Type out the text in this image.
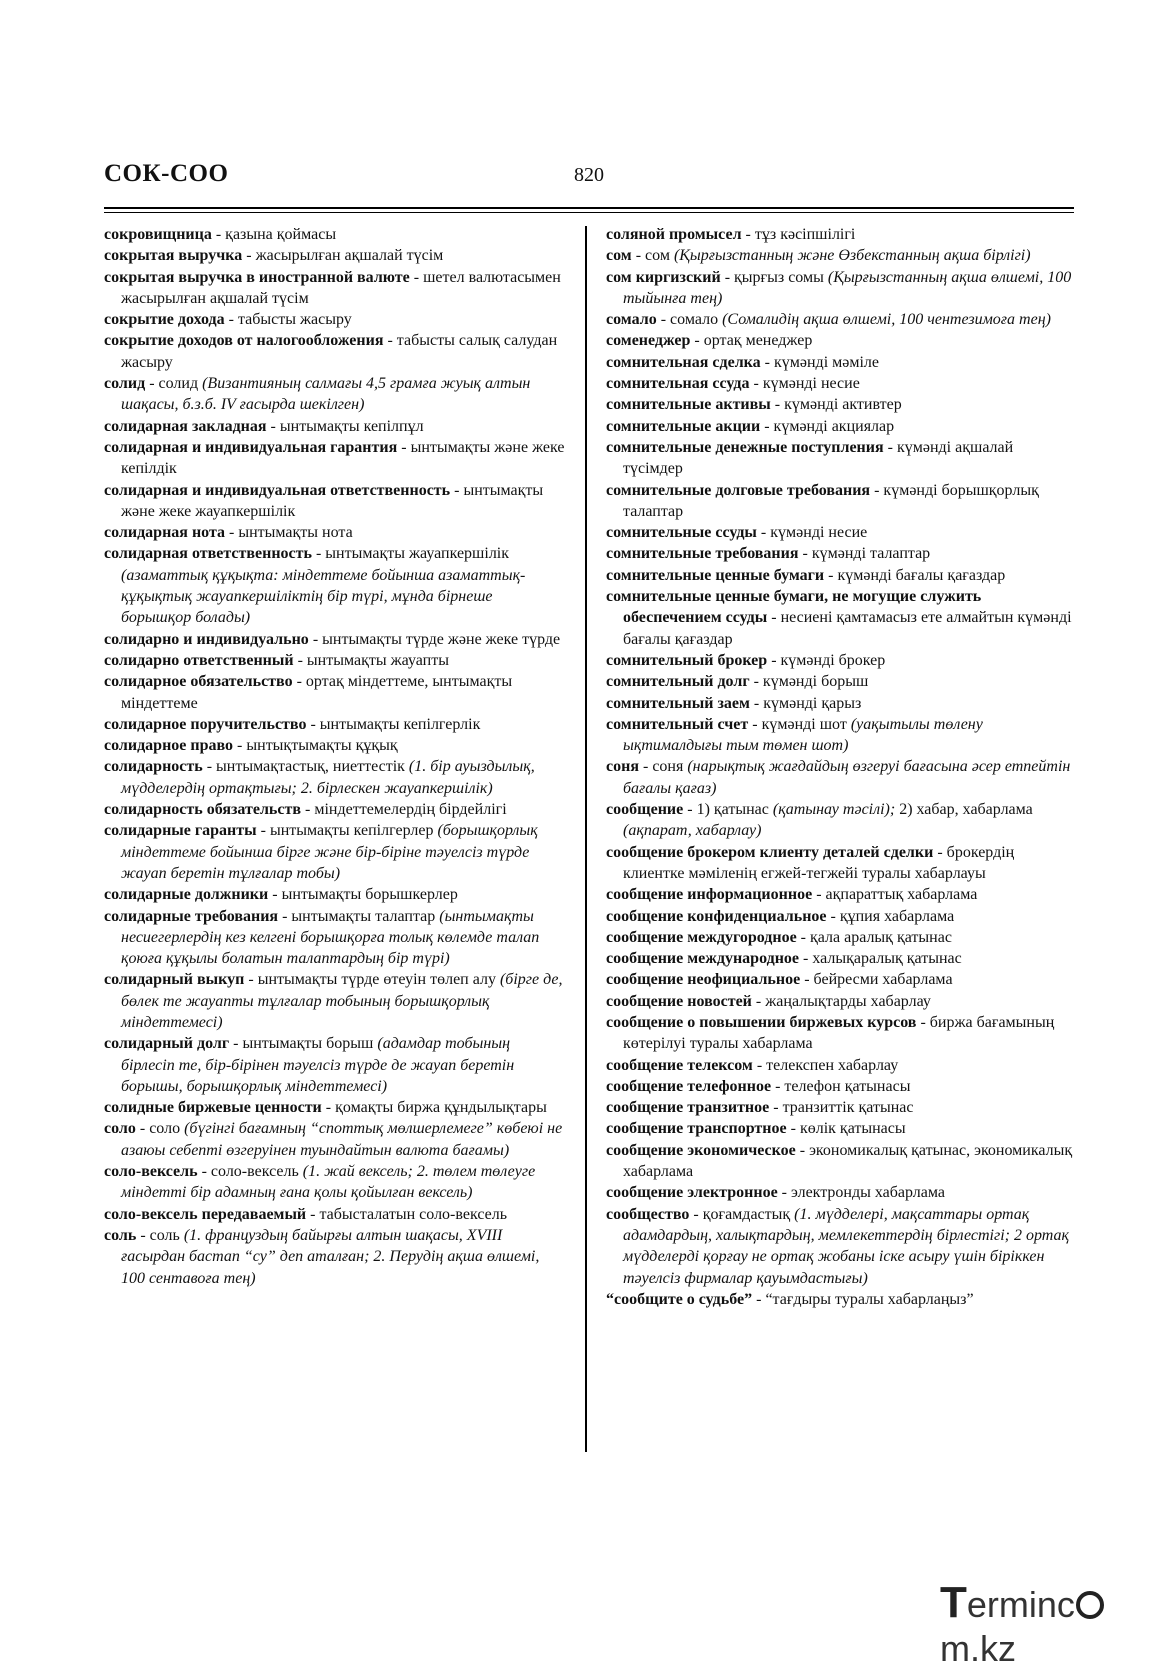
СОК-СОО	820
сокровищница - қазына қоймасы
сокрытая выручка - жасырылған ақшалай түсім
сокрытая выручка в иностранной валюте - шетел валютасымен жасырылған ақшалай түсім
сокрытие дохода - табысты жасыру
сокрытие доходов от налогообложения - табысты салық салудан жасыру
солид - солид (Византияның салмағы 4,5 грамға жуық алтын шақасы, б.з.б. IV ғасырда шекілген)
солидарная закладная - ынтымақты кепілпұл
солидарная и индивидуальная гарантия - ынтымақты және жеке кепілдік
солидарная и индивидуальная ответственность - ынтымақты және жеке жауапкершілік
солидарная нота - ынтымақты нота
солидарная ответственность - ынтымақты жауапкершілік (азаматтық құқықта: міндеттеме бойынша азаматтық-құқықтық жауапкершіліктің бір түрі, мұнда бірнеше борышқор болады)
солидарно и индивидуально - ынтымақты түрде және жеке түрде
солидарно ответственный - ынтымақты жауапты
солидарное обязательство - ортақ міндеттеме, ынтымақты міндеттеме
солидарное поручительство - ынтымақты кепілгерлік
солидарное право - ынтықтымақты құқық
солидарность - ынтымақтастық, ниеттестік (1. бір ауыздылық, мүдделердің ортақтығы; 2. бірлескен жауапкершілік)
солидарность обязательств - міндеттемелердің бірдейлігі
солидарные гаранты - ынтымақты кепілгерлер (борышқорлық міндеттеме бойынша бірге және бір-біріне тәуелсіз түрде жауап беретін тұлғалар тобы)
солидарные должники - ынтымақты борышкерлер
солидарные требования - ынтымақты талаптар (ынтымақты несиегерлердің кез келгені борышқорға толық көлемде талап қоюға құқылы болатын талаптардың бір түрі)
солидарный выкуп - ынтымақты түрде өтеуін төлеп алу (бірге де, бөлек те жауапты тұлғалар тобының борышқорлық міндеттемесі)
солидарный долг - ынтымақты борыш (адамдар тобының бірлесіп те, бір-бірінен тәуелсіз түрде де жауап беретін борышы, борышқорлық міндеттемесі)
солидные биржевые ценности - қомақты биржа құндылықтары
соло - соло (бүгінгі бағамның “споттық мөлшерлемеге” көбеюі не азаюы себепті өзгеруінен туындайтын валюта бағамы)
соло-вексель - соло-вексель (1. жай вексель; 2. төлем төлеуге міндетті бір адамның ғана қолы қойылған вексель)
соло-вексель передаваемый - табысталатын соло-вексель
соль - соль (1. француздың байырғы алтын шақасы, XVIII ғасырдан бастап “су” деп аталған; 2. Перудің ақша өлшемі, 100 сентавоға тең)
соляной промысел - тұз кәсіпшілігі
сом - сом (Қырғызстанның және Өзбекстанның ақша бірлігі)
сом киргизский - қырғыз сомы (Қырғызстанның ақша өлшемі, 100 тыйынға тең)
сомало - сомало (Сомалидің ақша өлшемі, 100 чентезимоға тең)
соменеджер - ортақ менеджер
сомнительная сделка - күмәнді мәміле
сомнительная ссуда - күмәнді несие
сомнительные активы - күмәнді активтер
сомнительные акции - күмәнді акциялар
сомнительные денежные поступления - күмәнді ақшалай түсімдер
сомнительные долговые требования - күмәнді борышқорлық талаптар
сомнительные ссуды - күмәнді несие
сомнительные требования - күмәнді талаптар
сомнительные ценные бумаги - күмәнді бағалы қағаздар
сомнительные ценные бумаги, не могущие служить обеспечением ссуды - несиені қамтамасыз ете алмайтын күмәнді бағалы қағаздар
сомнительный брокер - күмәнді брокер
сомнительный долг - күмәнді борыш
сомнительный заем - күмәнді қарыз
сомнительный счет - күмәнді шот (уақытылы төлену ықтималдығы тым төмен шот)
соня - соня (нарықтық жағдайдың өзгеруі бағасына әсер етпейтін бағалы қағаз)
сообщение - 1) қатынас (қатынау тәсілі); 2) хабар, хабарлама (ақпарат, хабарлау)
сообщение брокером клиенту деталей сделки - брокердің клиентке мәміленің егжей-тегжейі туралы хабарлауы
сообщение информационное - ақпараттық хабарлама
сообщение конфиденциальное - құпия хабарлама
сообщение междугородное - қала аралық қатынас
сообщение международное - халықаралық қатынас
сообщение неофициальное - бейресми хабарлама
сообщение новостей - жаңалықтарды хабарлау
сообщение о повышении биржевых курсов - биржа бағамының көтерілуі туралы хабарлама
сообщение телексом - телекспен хабарлау
сообщение телефонное - телефон қатынасы
сообщение транзитное - транзиттік қатынас
сообщение транспортное - көлік қатынасы
сообщение экономическое - экономикалық қатынас, экономикалық хабарлама
сообщение электронное - электронды хабарлама
сообщество - қоғамдастық (1. мүдделері, мақсаттары ортақ адамдардың, халықтардың, мемлекеттердің бірлестігі; 2 ортақ мүдделерді қорғау не ортақ жобаны іске асыру үшін біріккен тәуелсіз фирмалар қауымдастығы)
“сообщите о судьбе” - “тағдыры туралы хабарлаңыз”
Termincm.kz
